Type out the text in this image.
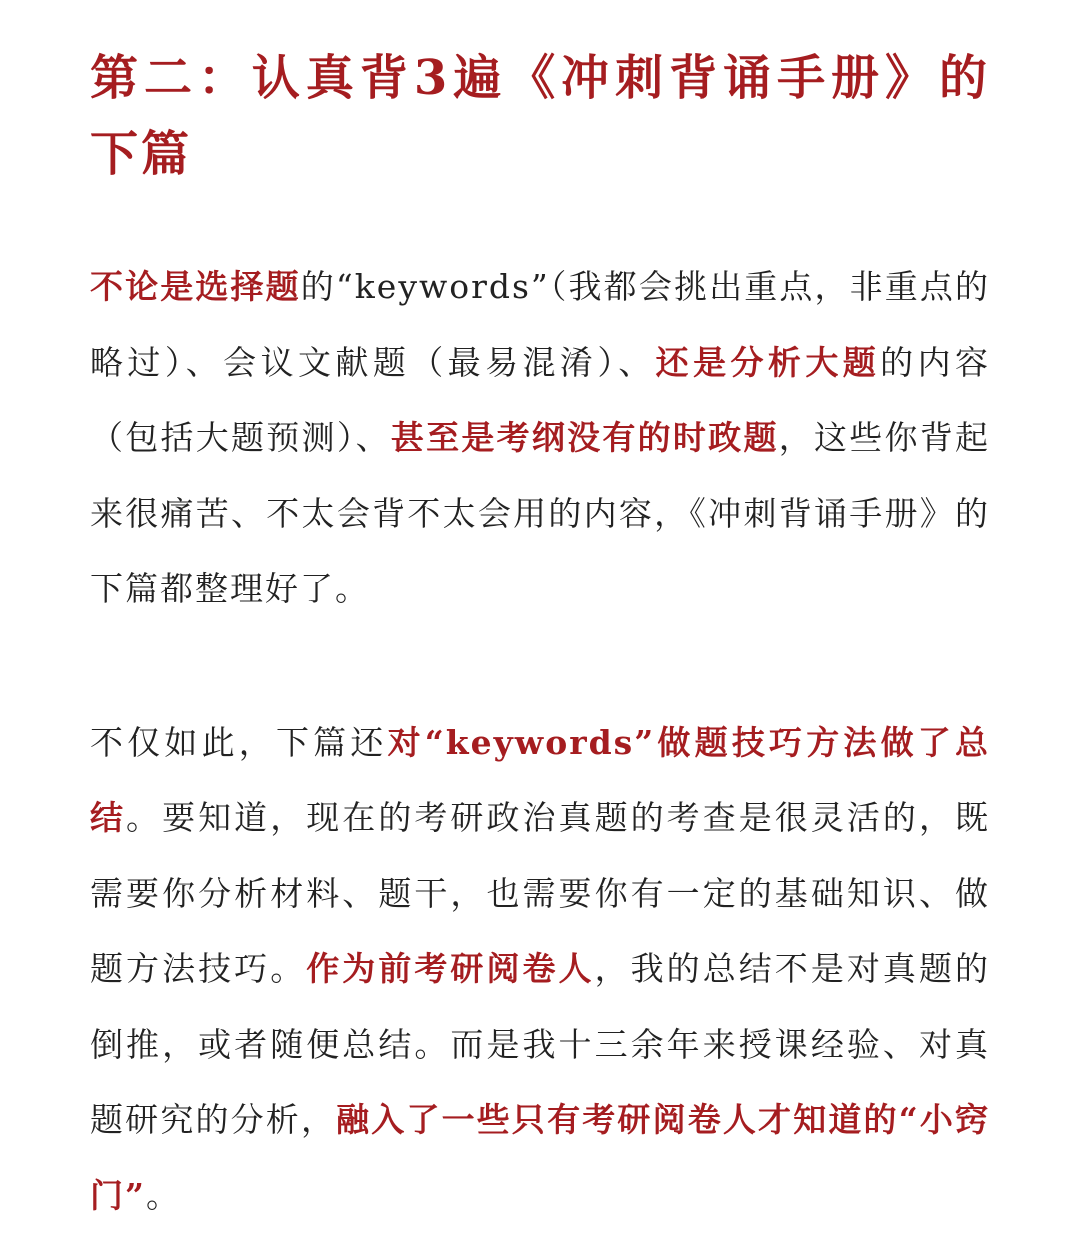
第二：认真背3遍《冲刺背诵手册》的下篇

不论是选择题的“keywords”（我都会挑出重点，非重点的略过）、会议文献题（最易混淆）、还是分析大题的内容（包括大题预测）、甚至是考纲没有的时政题，这些你背起来很痛苦、不太会背不太会用的内容，《冲刺背诵手册》的下篇都整理好了。

不仅如此，下篇还对“keywords”做题技巧方法做了总结。要知道，现在的考研政治真题的考查是很灵活的，既需要你分析材料、题干，也需要你有一定的基础知识、做题方法技巧。作为前考研阅卷人，我的总结不是对真题的倒推，或者随便总结。而是我十三余年来授课经验、对真题研究的分析，融入了一些只有考研阅卷人才知道的“小窍门”。
